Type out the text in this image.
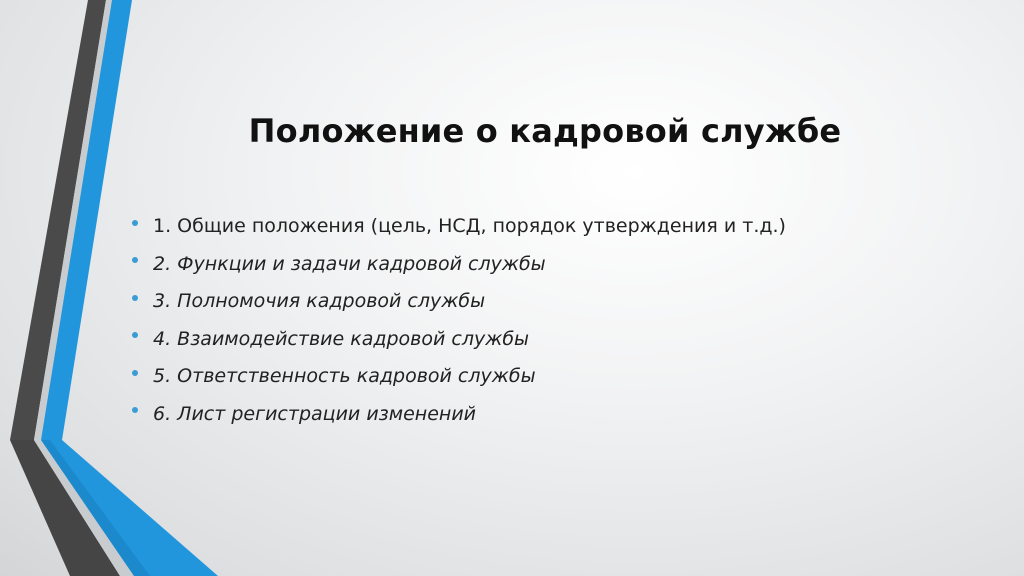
Положение о кадровой службе
1. Общие положения (цель, НСД, порядок утверждения и т.д.)
2. Функции и задачи кадровой службы
3. Полномочия кадровой службы
4. Взаимодействие кадровой службы
5. Ответственность кадровой службы
6. Лист регистрации изменений
